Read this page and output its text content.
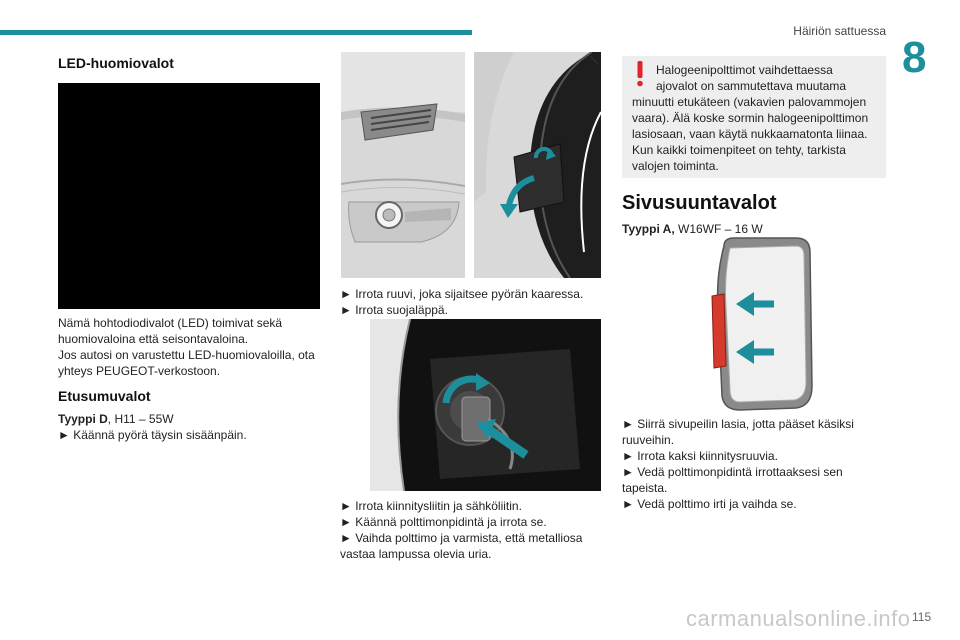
Häiriön sattuessa
8
LED-huomiovalot
Nämä hohtodiodivalot (LED) toimivat sekä
huomiovaloina että seisontavaloina.
Jos autosi on varustettu LED-huomiovaloilla, ota
yhteys PEUGEOT-verkostoon.
Etusumuvalot
Tyyppi D, H11 – 55W
► Käännä pyörä täysin sisäänpäin.
► Irrota ruuvi, joka sijaitsee pyörän kaaressa.
► Irrota suojaläppä.
► Irrota kiinnitysliitin ja sähköliitin.
► Käännä polttimonpidintä ja irrota se.
► Vaihda polttimo ja varmista, että metalliosa
vastaa lampussa olevia uria.
Halogeenipolttimot vaihdettaessa
ajovalot on sammutettava muutama
minuutti etukäteen (vakavien palovammojen
vaara). Älä koske sormin halogeenipolttimon
lasiosaan, vaan käytä nukkaamatonta liinaa.
Kun kaikki toimenpiteet on tehty, tarkista
valojen toiminta.
Sivusuuntavalot
Tyyppi A, W16WF – 16 W
► Siirrä sivupeilin lasia, jotta pääset käsiksi
ruuveihin.
► Irrota kaksi kiinnitysruuvia.
► Vedä polttimonpidintä irrottaaksesi sen
tapeista.
► Vedä polttimo irti ja vaihda se.
carmanualsonline.info 115
